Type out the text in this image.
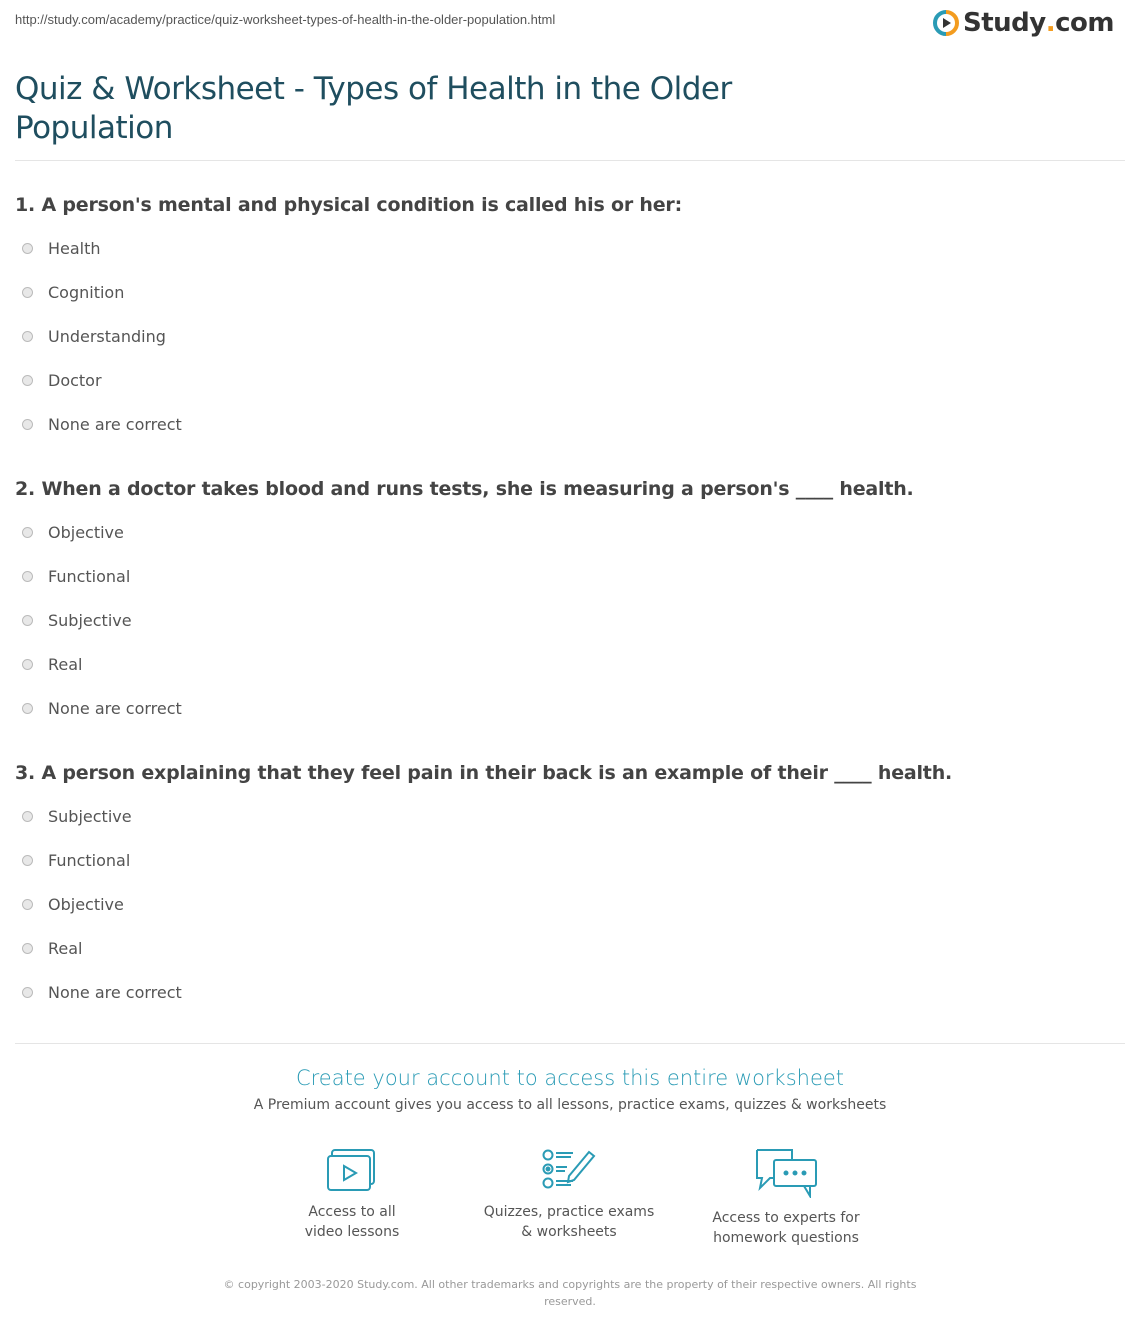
http://study.com/academy/practice/quiz-worksheet-types-of-health-in-the-older-population.html	Study . com
Quiz & Worksheet - Types of Health in the Older Population
1. A person's mental and physical condition is called his or her:
Health
Cognition
Understanding
Doctor
None are correct
2. When a doctor takes blood and runs tests, she is measuring a person's ____ health.
Objective
Functional
Subjective
Real
None are correct
3. A person explaining that they feel pain in their back is an example of their ____ health.
Subjective
Functional
Objective
Real
None are correct
Create your account to access this entire worksheet
A Premium account gives you access to all lessons, practice exams, quizzes & worksheets
Access to all
video lessons
Quizzes, practice exams
& worksheets
Access to experts for
homework questions
© copyright 2003-2020 Study.com. All other trademarks and copyrights are the property of their respective owners. All rights reserved.
